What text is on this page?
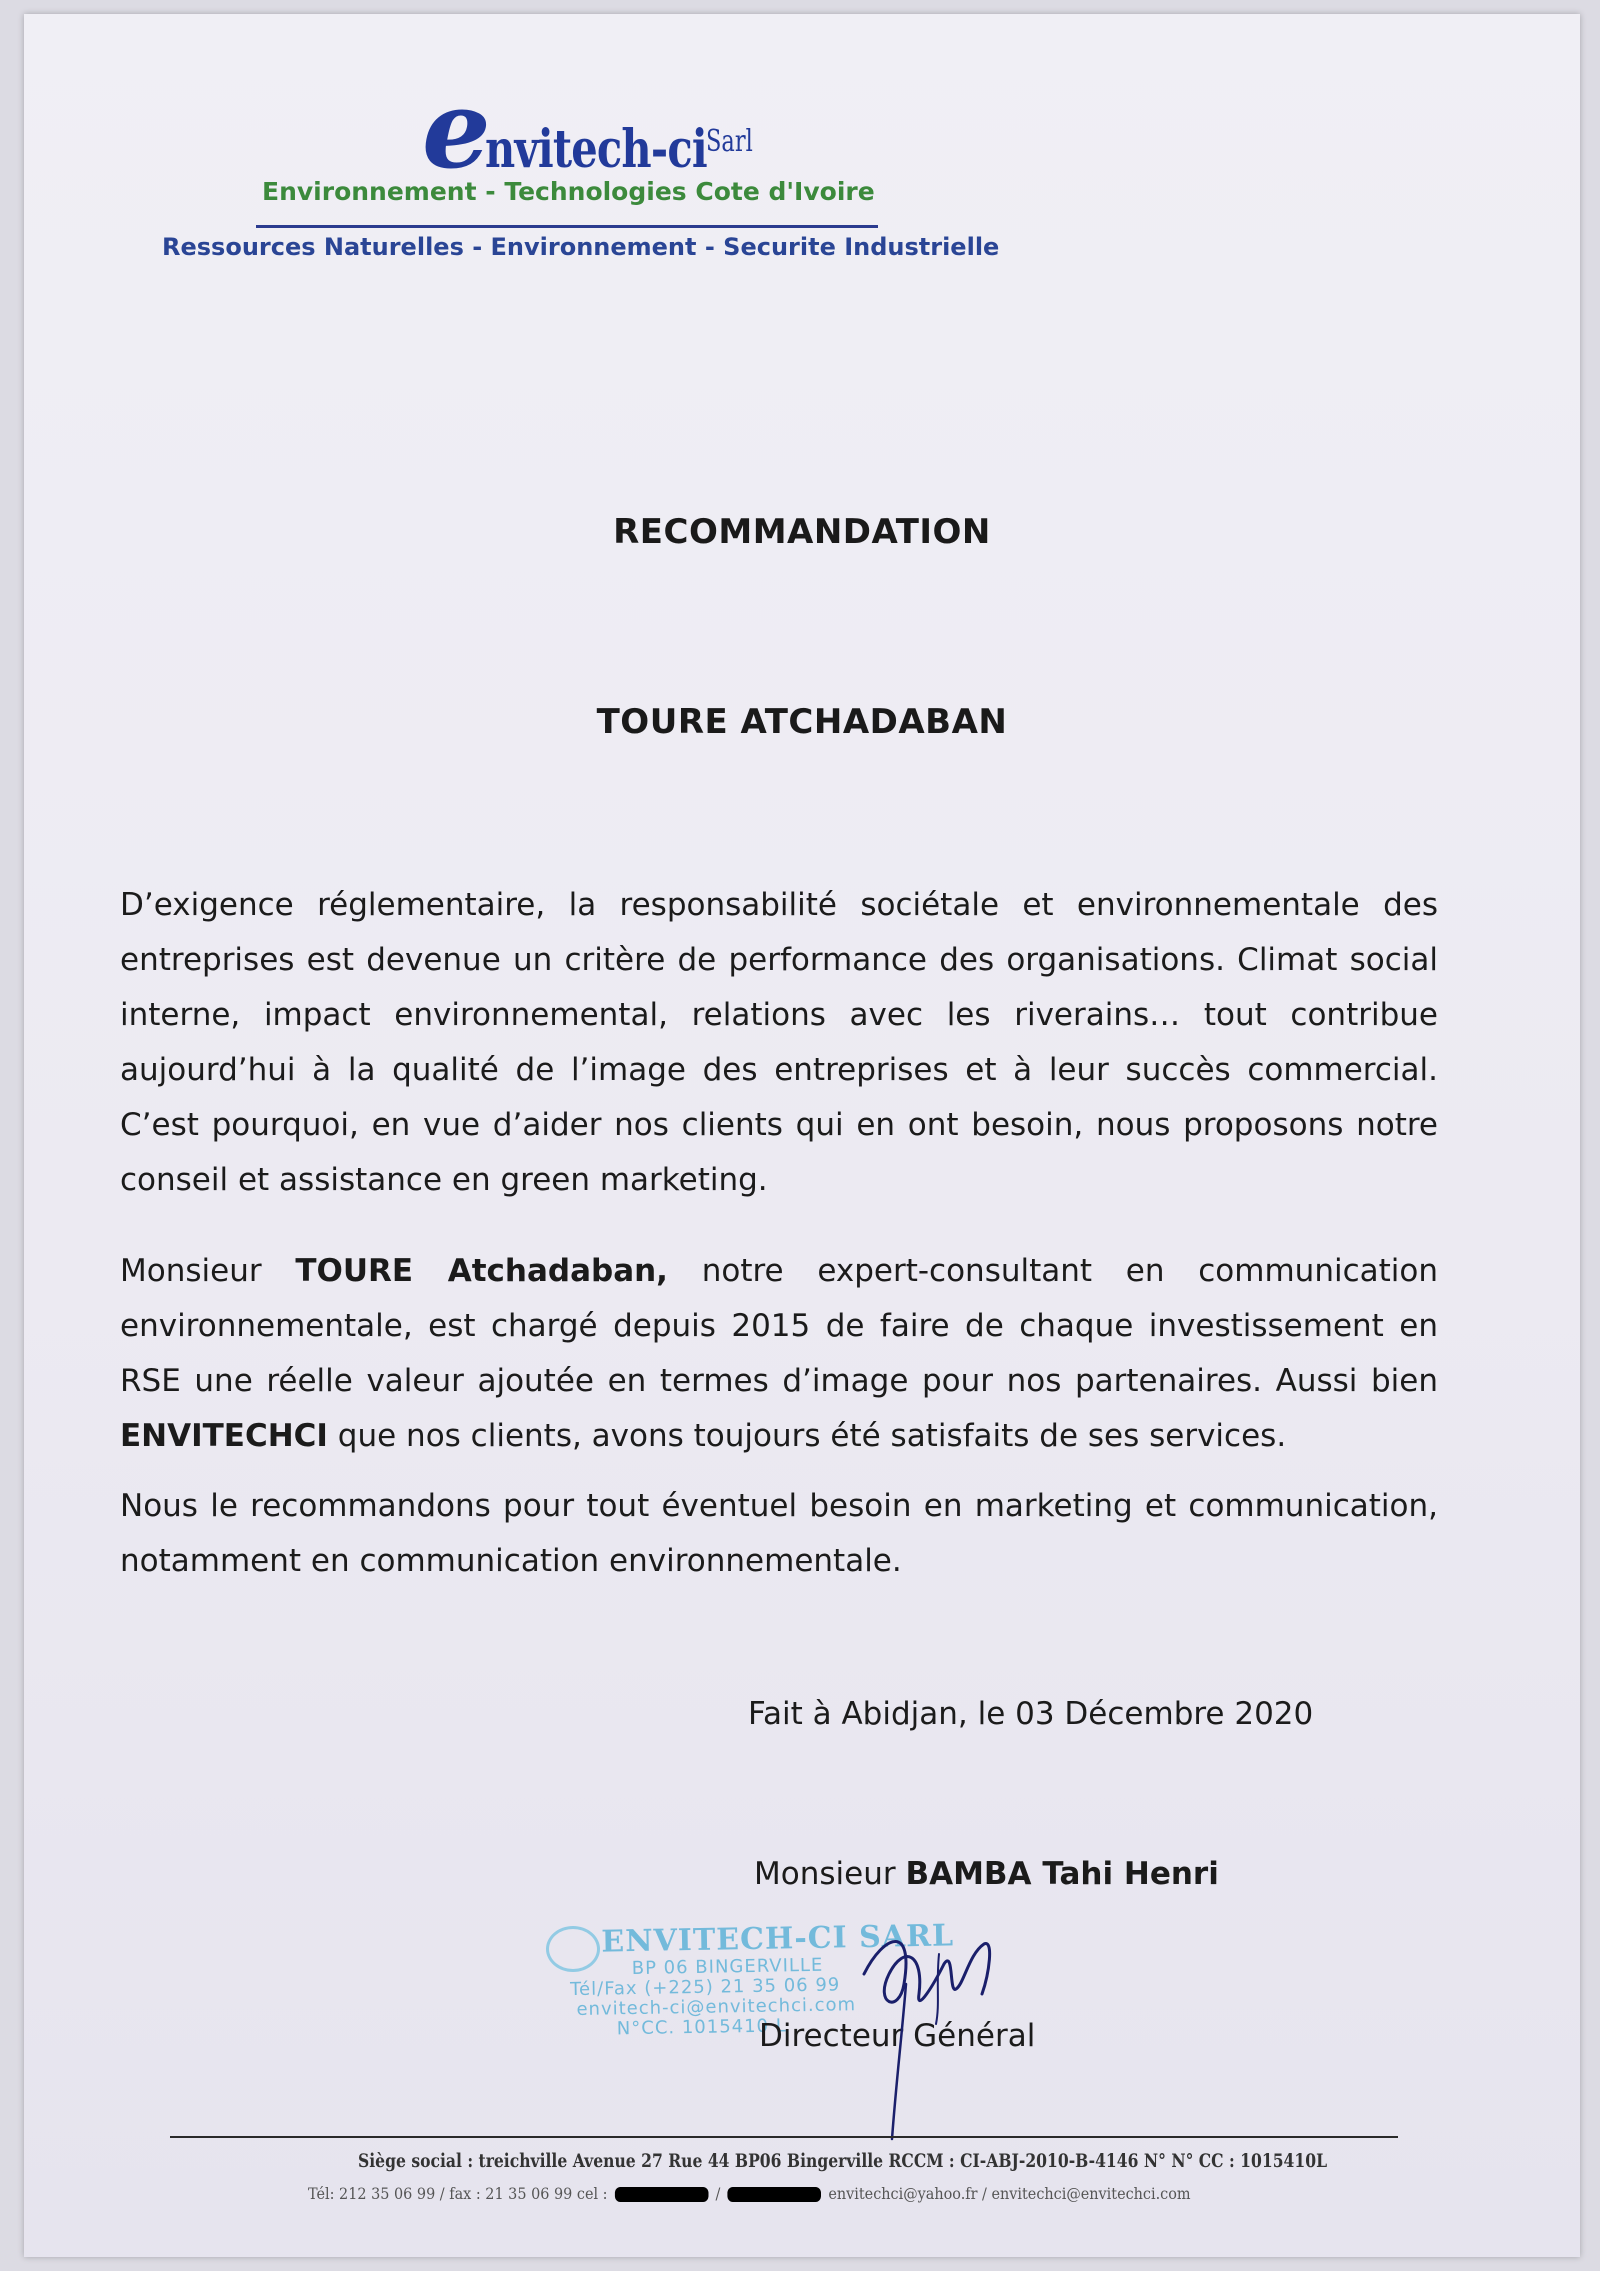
envitech-ci Sarl
Environnement - Technologies Cote d'Ivoire
Ressources Naturelles - Environnement - Securite Industrielle
RECOMMANDATION
TOURE ATCHADABAN
D’exigence réglementaire, la responsabilité sociétale et environnementale des entreprises est devenue un critère de performance des organisations. Climat social interne, impact environnemental, relations avec les riverains… tout contribue aujourd’hui à la qualité de l’image des entreprises et à leur succès commercial. C’est pourquoi, en vue d’aider nos clients qui en ont besoin, nous proposons notre conseil et assistance en green marketing.
Monsieur TOURE Atchadaban, notre expert-consultant en communication environnementale, est chargé depuis 2015 de faire de chaque investissement en RSE une réelle valeur ajoutée en termes d’image pour nos partenaires. Aussi bien ENVITECHCI que nos clients, avons toujours été satisfaits de ses services.
Nous le recommandons pour tout éventuel besoin en marketing et communication, notamment en communication environnementale.
Fait à Abidjan, le 03 Décembre 2020
Monsieur BAMBA Tahi Henri
ENVITECH-CI SARL
BP 06 BINGERVILLE
Tél/Fax (+225) 21 35 06 99
envitech-ci@envitechci.com
N°CC. 1015410 L
Directeur Général
Siège social : treichville Avenue 27 Rue 44 BP06 Bingerville RCCM : CI-ABJ-2010-B-4146 N° N° CC : 1015410L
Tél: 212 35 06 99 / fax : 21 35 06 99 cel :	/	envitechci@yahoo.fr / envitechci@envitechci.com
